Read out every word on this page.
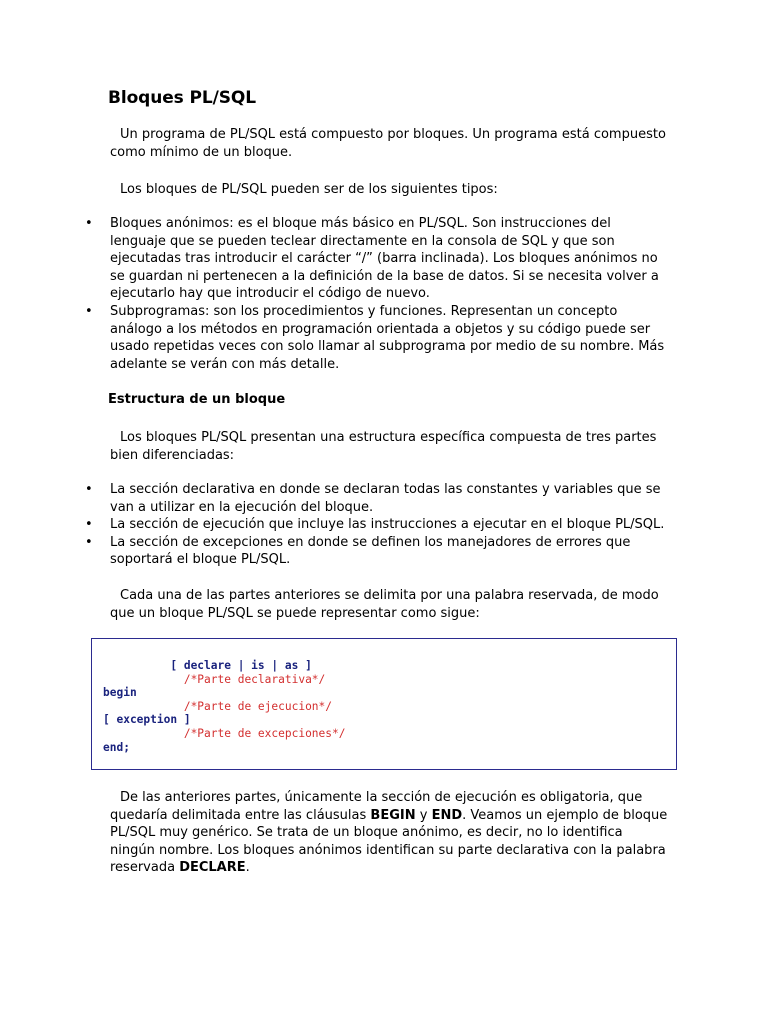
Bloques PL/SQL
Un programa de PL/SQL está compuesto por bloques. Un programa está compuesto como mínimo de un bloque.
Los bloques de PL/SQL pueden ser de los siguientes tipos:
• Bloques anónimos: es el bloque más básico en PL/SQL. Son instrucciones del lenguaje que se pueden teclear directamente en la consola de SQL y que son ejecutadas tras introducir el carácter “/” (barra inclinada). Los bloques anónimos no se guardan ni pertenecen a la definición de la base de datos. Si se necesita volver a ejecutarlo hay que introducir el código de nuevo.
• Subprogramas: son los procedimientos y funciones. Representan un concepto análogo a los métodos en programación orientada a objetos y su código puede ser usado repetidas veces con solo llamar al subprograma por medio de su nombre. Más adelante se verán con más detalle.
Estructura de un bloque
Los bloques PL/SQL presentan una estructura específica compuesta de tres partes bien diferenciadas:
• La sección declarativa en donde se declaran todas las constantes y variables que se van a utilizar en la ejecución del bloque.
• La sección de ejecución que incluye las instrucciones a ejecutar en el bloque PL/SQL.
• La sección de excepciones en donde se definen los manejadores de errores que soportará el bloque PL/SQL.
Cada una de las partes anteriores se delimita por una palabra reservada, de modo que un bloque PL/SQL se puede representar como sigue:
[ declare | is | as ]
/*Parte declarativa*/
begin
/*Parte de ejecucion*/
[ exception ]
/*Parte de excepciones*/
end;
De las anteriores partes, únicamente la sección de ejecución es obligatoria, que quedaría delimitada entre las cláusulas BEGIN y END. Veamos un ejemplo de bloque PL/SQL muy genérico. Se trata de un bloque anónimo, es decir, no lo identifica ningún nombre. Los bloques anónimos identifican su parte declarativa con la palabra reservada DECLARE.
